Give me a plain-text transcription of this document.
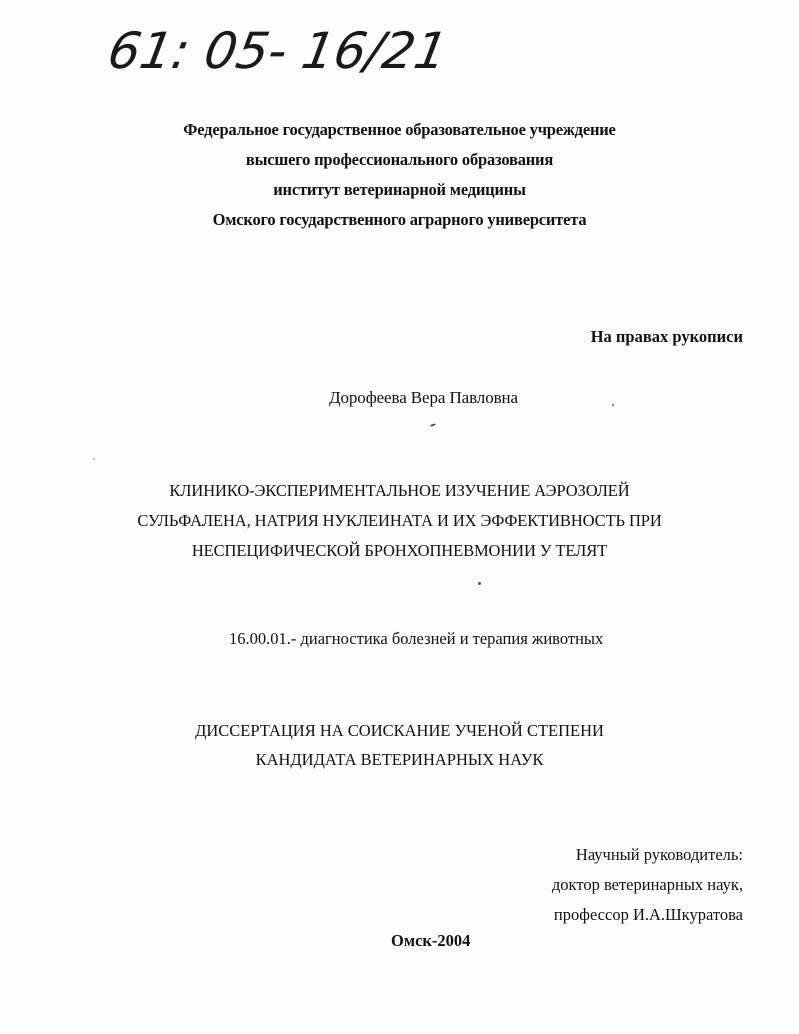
61: 05- 16/21
Федеральное государственное образовательное учреждение
высшего профессионального образования
институт ветеринарной медицины
Омского государственного аграрного университета
На правах рукописи
Дорофеева Вера Павловна
КЛИНИКО-ЭКСПЕРИМЕНТАЛЬНОЕ ИЗУЧЕНИЕ АЭРОЗОЛЕЙ
СУЛЬФАЛЕНА, НАТРИЯ НУКЛЕИНАТА И ИХ ЭФФЕКТИВНОСТЬ ПРИ
НЕСПЕЦИФИЧЕСКОЙ БРОНХОПНЕВМОНИИ У ТЕЛЯТ
16.00.01.- диагностика болезней и терапия животных
ДИССЕРТАЦИЯ НА СОИСКАНИЕ УЧЕНОЙ СТЕПЕНИ
КАНДИДАТА ВЕТЕРИНАРНЫХ НАУК
Научный руководитель:
доктор ветеринарных наук,
профессор И.А.Шкуратова
Омск-2004
